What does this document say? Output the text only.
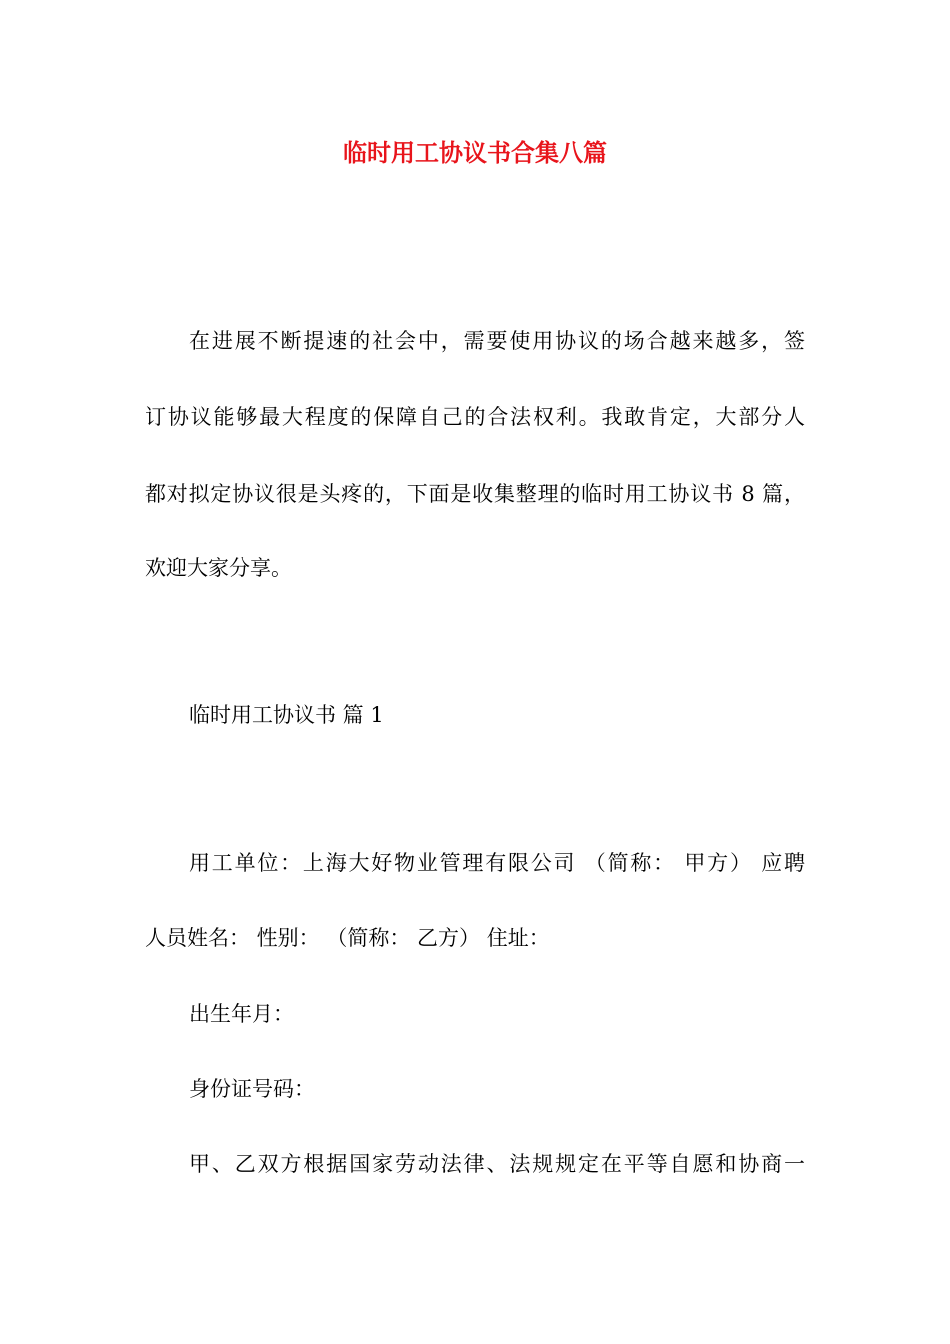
临时用工协议书合集八篇
在进展不断提速的社会中，需要使用协议的场合越来越多，签
订协议能够最大程度的保障自己的合法权利。我敢肯定，大部分人
都对拟定协议很是头疼的，下面是收集整理的临时用工协议书 8 篇，
欢迎大家分享。
临时用工协议书 篇 1
用工单位：上海大好物业管理有限公司 （简称： 甲方） 应聘
人员姓名： 性别： （简称： 乙方） 住址：
出生年月：
身份证号码：
甲、乙双方根据国家劳动法律、法规规定在平等自愿和协商一
